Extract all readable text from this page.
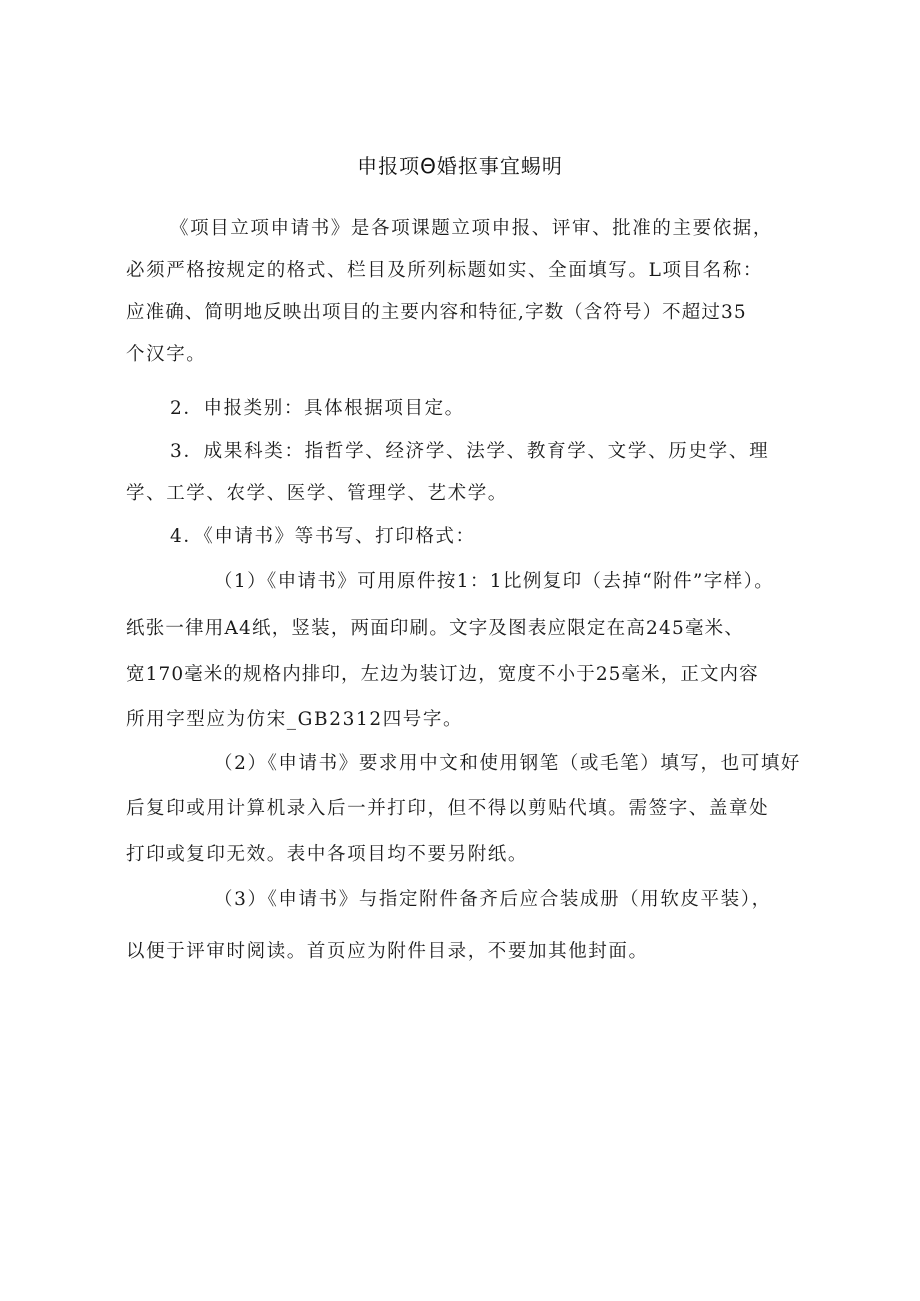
申报项Θ婚抠事宜蜴明
《项目立项申请书》是各项课题立项申报、评审、批准的主要依据，
必须严格按规定的格式、栏目及所列标题如实、全面填写。L项目名称：
应准确、简明地反映出项目的主要内容和特征,字数（含符号）不超过35
个汉字。
2．申报类别：具体根据项目定。
3．成果科类：指哲学、经济学、法学、教育学、文学、历史学、理
学、工学、农学、医学、管理学、艺术学。
4．《申请书》等书写、打印格式：
（1）《申请书》可用原件按1：1比例复印（去掉“附件”字样）。
纸张一律用A4纸，竖装，两面印刷。文字及图表应限定在高245毫米、
宽170毫米的规格内排印，左边为装订边，宽度不小于25毫米，正文内容
所用字型应为仿宋_GB2312四号字。
（2）《申请书》要求用中文和使用钢笔（或毛笔）填写，也可填好
后复印或用计算机录入后一并打印，但不得以剪贴代填。需签字、盖章处
打印或复印无效。表中各项目均不要另附纸。
（3）《申请书》与指定附件备齐后应合装成册（用软皮平装），
以便于评审时阅读。首页应为附件目录，不要加其他封面。
